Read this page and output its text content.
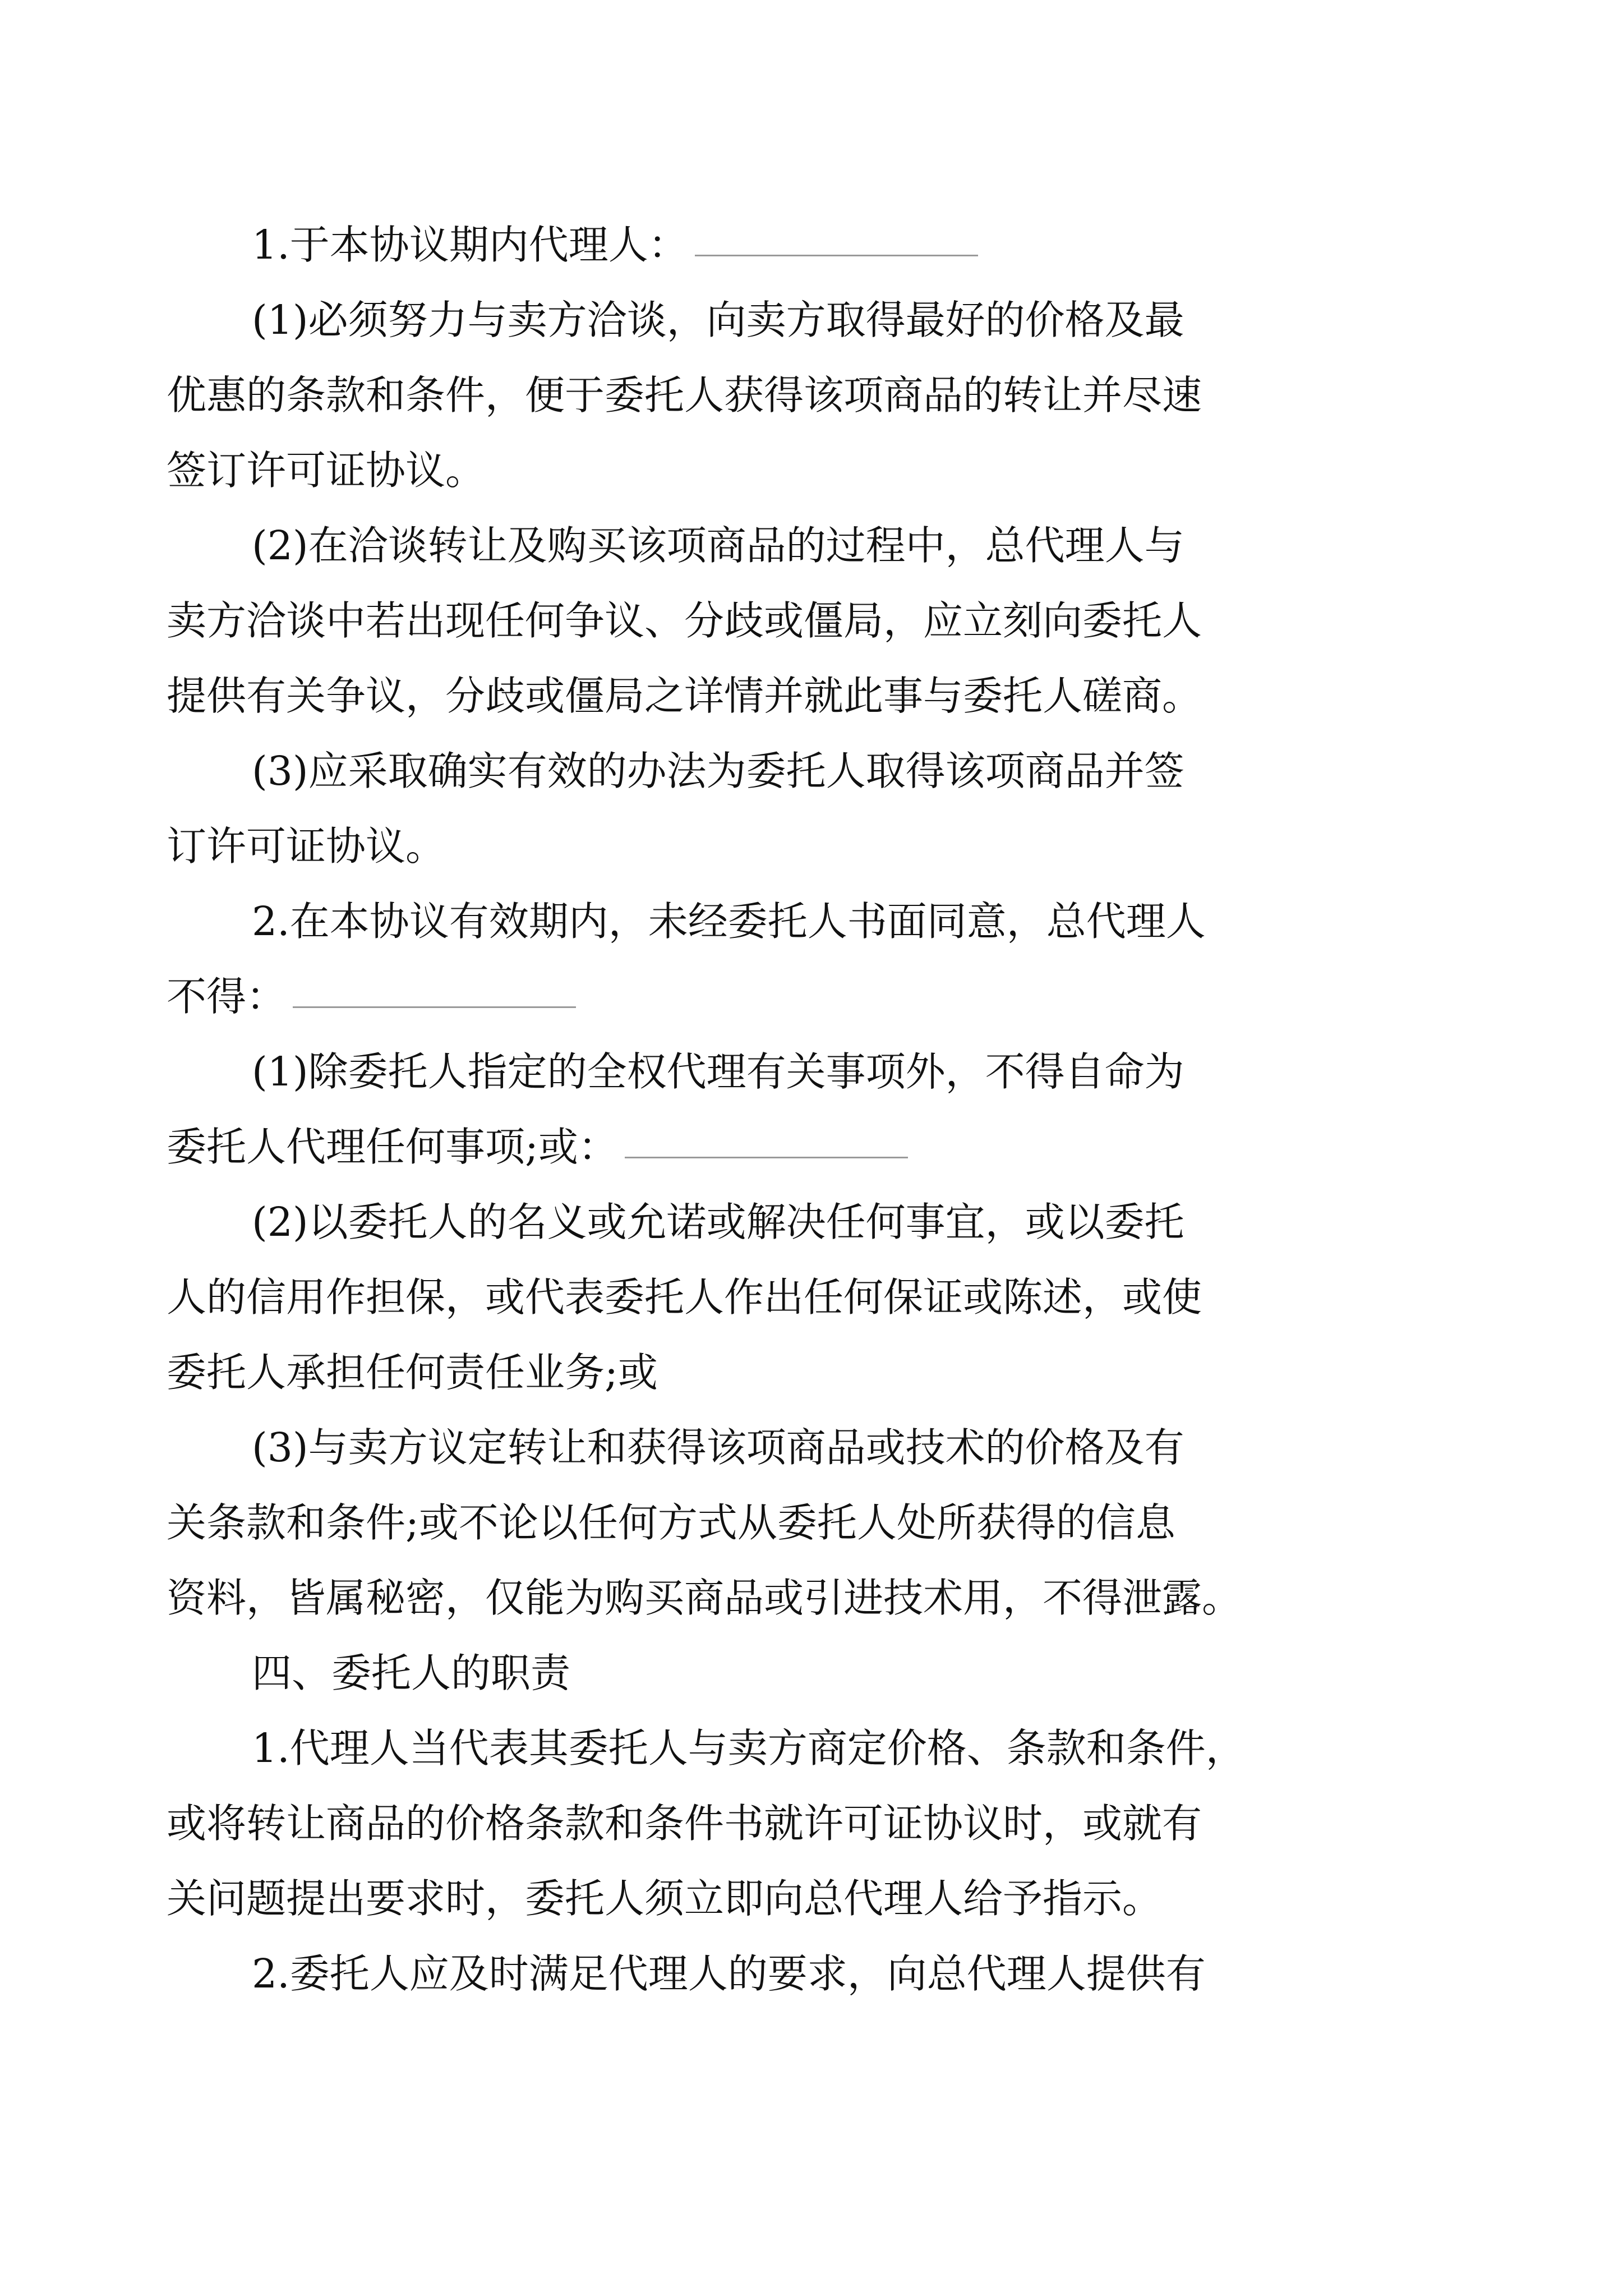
1.于本协议期内代理人：

(1)必须努力与卖方洽谈，向卖方取得最好的价格及最
优惠的条款和条件，便于委托人获得该项商品的转让并尽速
签订许可证协议。

(2)在洽谈转让及购买该项商品的过程中，总代理人与
卖方洽谈中若出现任何争议、分歧或僵局，应立刻向委托人
提供有关争议，分歧或僵局之详情并就此事与委托人磋商。

(3)应采取确实有效的办法为委托人取得该项商品并签
订许可证协议。

2.在本协议有效期内，未经委托人书面同意，总代理人
不得：

(1)除委托人指定的全权代理有关事项外，不得自命为
委托人代理任何事项;或：

(2)以委托人的名义或允诺或解决任何事宜，或以委托
人的信用作担保，或代表委托人作出任何保证或陈述，或使
委托人承担任何责任业务;或

(3)与卖方议定转让和获得该项商品或技术的价格及有
关条款和条件;或不论以任何方式从委托人处所获得的信息
资料，皆属秘密，仅能为购买商品或引进技术用，不得泄露。

四、委托人的职责

1.代理人当代表其委托人与卖方商定价格、条款和条件，
或将转让商品的价格条款和条件书就许可证协议时，或就有
关问题提出要求时，委托人须立即向总代理人给予指示。

2.委托人应及时满足代理人的要求，向总代理人提供有
